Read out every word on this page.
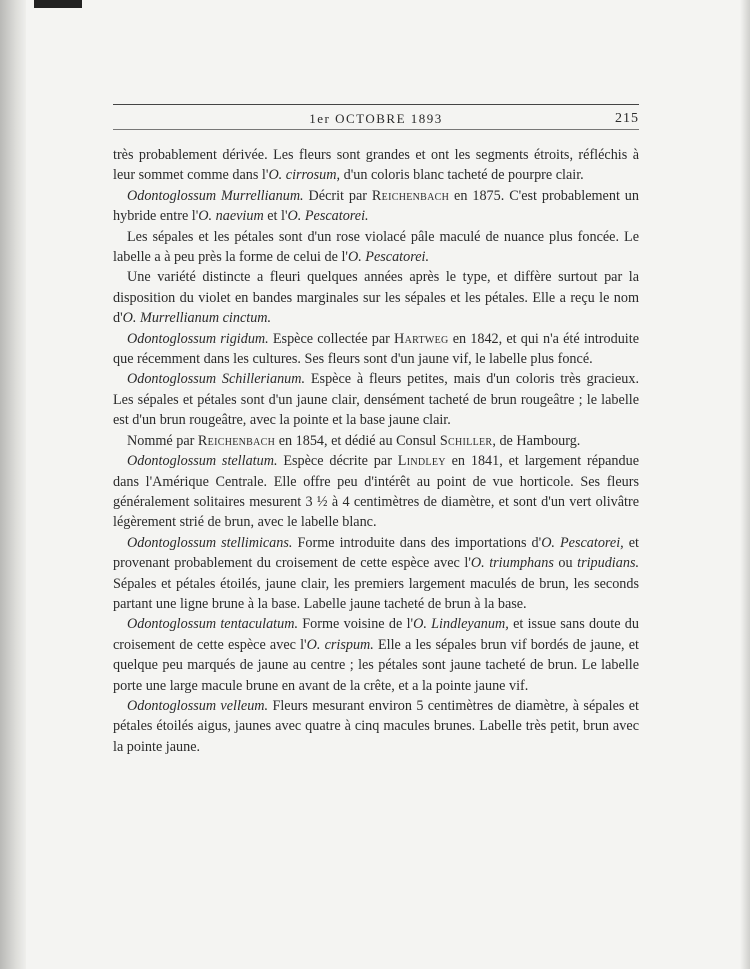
1er OCTOBRE 1893	215

très probablement dérivée. Les fleurs sont grandes et ont les segments étroits, réfléchis à leur sommet comme dans l'O. cirrosum, d'un coloris blanc tacheté de pourpre clair.

Odontoglossum Murrellianum. Décrit par Reichenbach en 1875. C'est probablement un hybride entre l'O. naevium et l'O. Pescatorei.

Les sépales et les pétales sont d'un rose violacé pâle maculé de nuance plus foncée. Le labelle a à peu près la forme de celui de l'O. Pescatorei.

Une variété distincte a fleuri quelques années après le type, et diffère surtout par la disposition du violet en bandes marginales sur les sépales et les pétales. Elle a reçu le nom d'O. Murrellianum cinctum.

Odontoglossum rigidum. Espèce collectée par Hartweg en 1842, et qui n'a été introduite que récemment dans les cultures. Ses fleurs sont d'un jaune vif, le labelle plus foncé.

Odontoglossum Schillerianum. Espèce à fleurs petites, mais d'un coloris très gracieux. Les sépales et pétales sont d'un jaune clair, densément tacheté de brun rougeâtre ; le labelle est d'un brun rougeâtre, avec la pointe et la base jaune clair.

Nommé par Reichenbach en 1854, et dédié au Consul Schiller, de Hambourg.

Odontoglossum stellatum. Espèce décrite par Lindley en 1841, et largement répandue dans l'Amérique Centrale. Elle offre peu d'intérêt au point de vue horticole. Ses fleurs généralement solitaires mesurent 3 ½ à 4 centimètres de diamètre, et sont d'un vert olivâtre légèrement strié de brun, avec le labelle blanc.

Odontoglossum stellimicans. Forme introduite dans des importations d'O. Pescatorei, et provenant probablement du croisement de cette espèce avec l'O. triumphans ou tripudians. Sépales et pétales étoilés, jaune clair, les premiers largement maculés de brun, les seconds partant une ligne brune à la base. Labelle jaune tacheté de brun à la base.

Odontoglossum tentaculatum. Forme voisine de l'O. Lindleyanum, et issue sans doute du croisement de cette espèce avec l'O. crispum. Elle a les sépales brun vif bordés de jaune, et quelque peu marqués de jaune au centre ; les pétales sont jaune tacheté de brun. Le labelle porte une large macule brune en avant de la crête, et a la pointe jaune vif.

Odontoglossum velleum. Fleurs mesurant environ 5 centimètres de diamètre, à sépales et pétales étoilés aigus, jaunes avec quatre à cinq macules brunes. Labelle très petit, brun avec la pointe jaune.
